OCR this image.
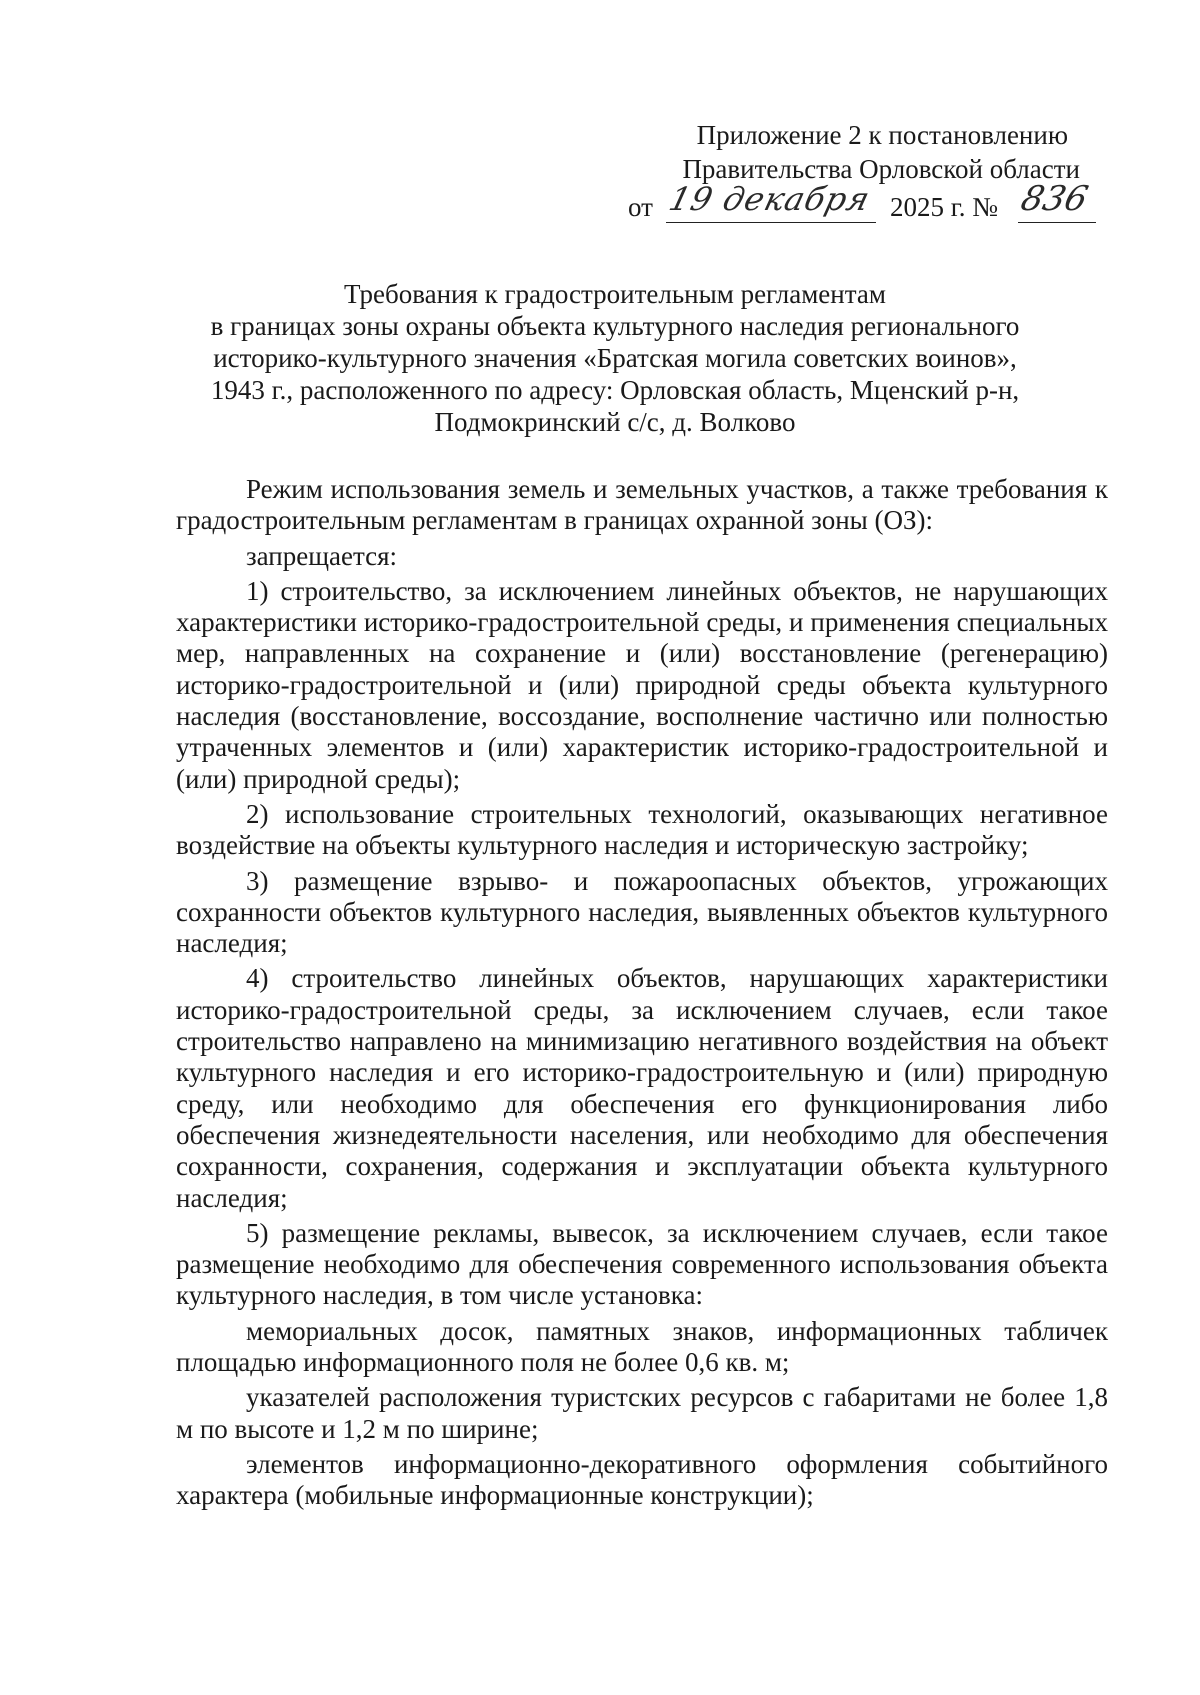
Приложение 2 к постановлению
Правительства Орловской области
от 19 декабря 2025 г. № 836
Требования к градостроительным регламентам
в границах зоны охраны объекта культурного наследия регионального
историко-культурного значения «Братская могила советских воинов»,
1943 г., расположенного по адресу: Орловская область, Мценский р-н,
Подмокринский с/с, д. Волково

Режим использования земель и земельных участков, а также требования к градостроительным регламентам в границах охранной зоны (ОЗ):

запрещается:

1) строительство, за исключением линейных объектов, не нарушающих характеристики историко-градостроительной среды, и применения специальных мер, направленных на сохранение и (или) восстановление (регенерацию) историко-градостроительной и (или) природной среды объекта культурного наследия (восстановление, воссоздание, восполнение частично или полностью утраченных элементов и (или) характеристик историко-градостроительной и (или) природной среды);

2) использование строительных технологий, оказывающих негативное воздействие на объекты культурного наследия и историческую застройку;

3) размещение взрыво- и пожароопасных объектов, угрожающих сохранности объектов культурного наследия, выявленных объектов культурного наследия;

4) строительство линейных объектов, нарушающих характеристики историко-градостроительной среды, за исключением случаев, если такое строительство направлено на минимизацию негативного воздействия на объект культурного наследия и его историко-градостроительную и (или) природную среду, или необходимо для обеспечения его функционирования либо обеспечения жизнедеятельности населения, или необходимо для обеспечения сохранности, сохранения, содержания и эксплуатации объекта культурного наследия;

5) размещение рекламы, вывесок, за исключением случаев, если такое размещение необходимо для обеспечения современного использования объекта культурного наследия, в том числе установка:

мемориальных досок, памятных знаков, информационных табличек площадью информационного поля не более 0,6 кв. м;

указателей расположения туристских ресурсов с габаритами не более 1,8 м по высоте и 1,2 м по ширине;

элементов информационно-декоративного оформления событийного характера (мобильные информационные конструкции);
